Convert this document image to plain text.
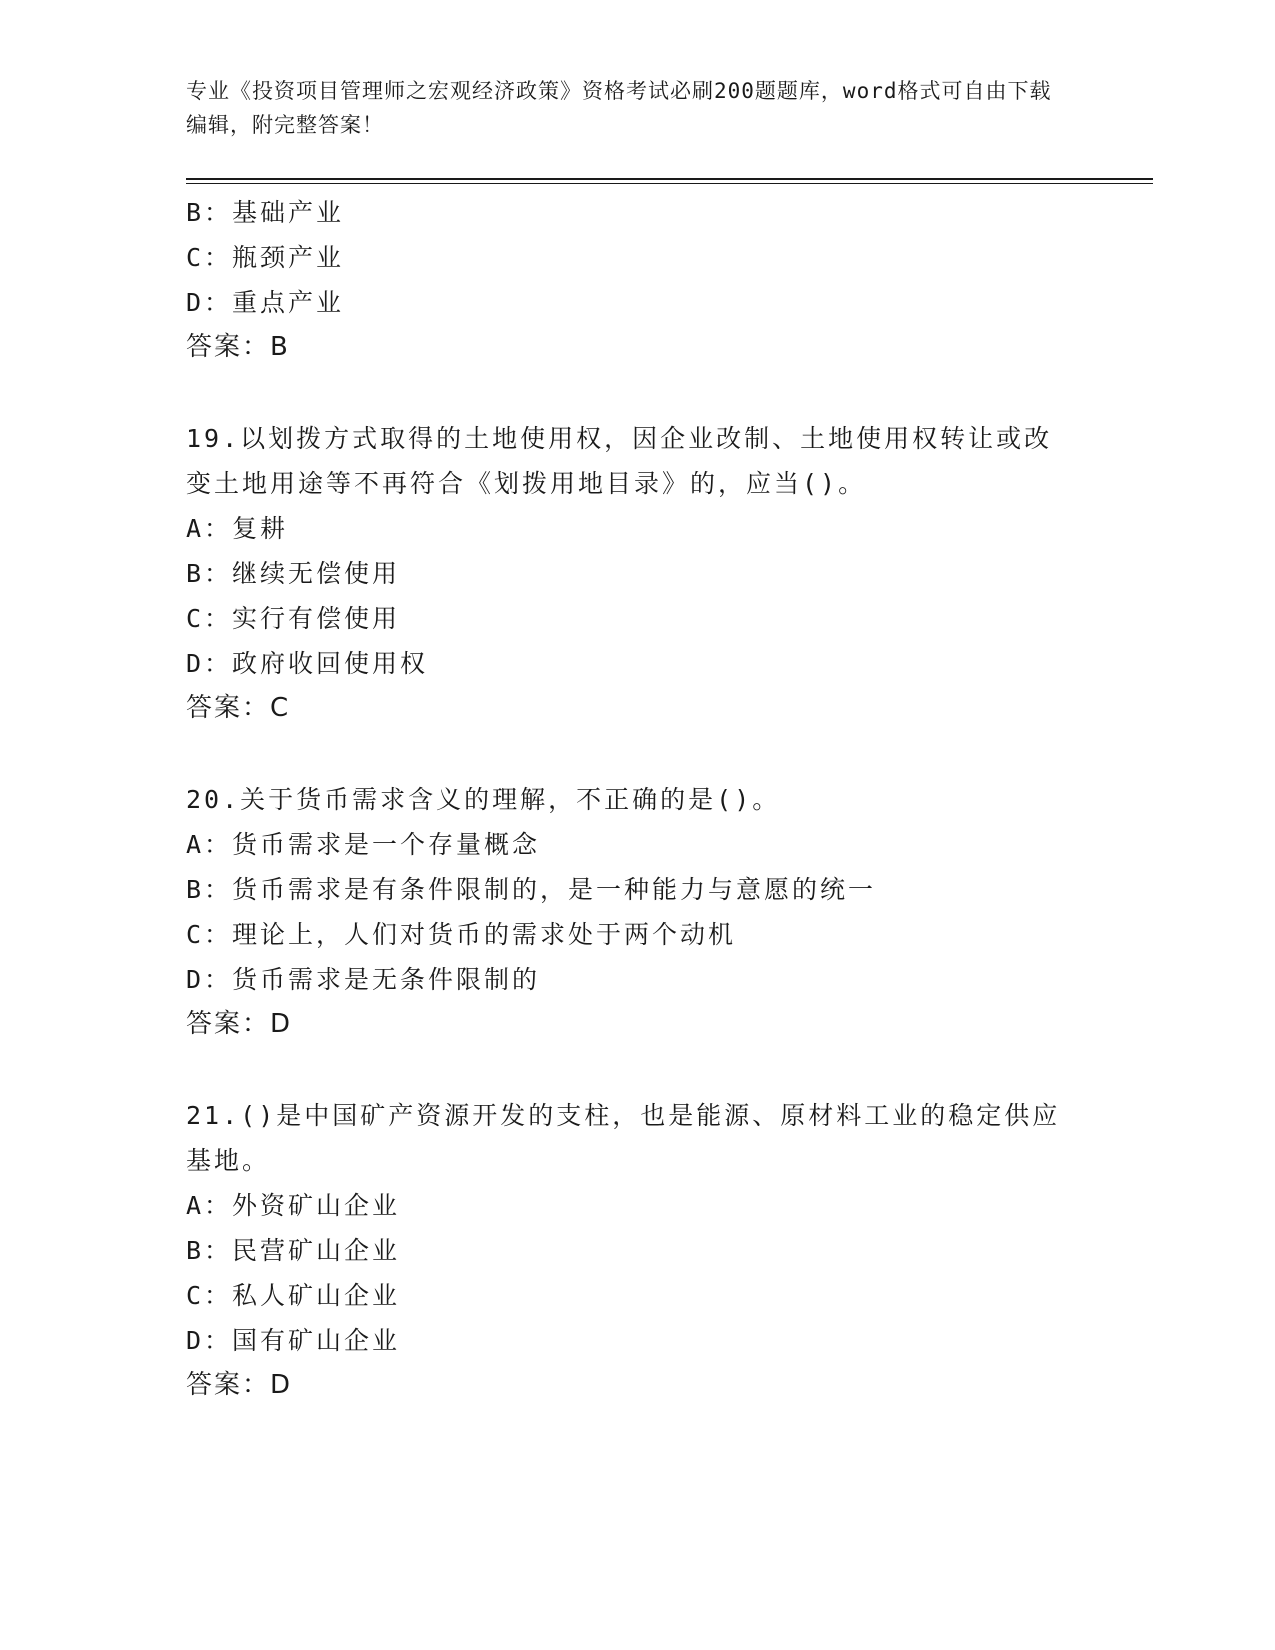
专业《投资项目管理师之宏观经济政策》资格考试必刷200题题库，word格式可自由下载编辑，附完整答案！
B：基础产业
C：瓶颈产业
D：重点产业
答案：B
19.以划拨方式取得的土地使用权，因企业改制、土地使用权转让或改变土地用途等不再符合《划拨用地目录》的，应当()。
A：复耕
B：继续无偿使用
C：实行有偿使用
D：政府收回使用权
答案：C
20.关于货币需求含义的理解，不正确的是()。
A：货币需求是一个存量概念
B：货币需求是有条件限制的，是一种能力与意愿的统一
C：理论上，人们对货币的需求处于两个动机
D：货币需求是无条件限制的
答案：D
21.()是中国矿产资源开发的支柱，也是能源、原材料工业的稳定供应基地。
A：外资矿山企业
B：民营矿山企业
C：私人矿山企业
D：国有矿山企业
答案：D
